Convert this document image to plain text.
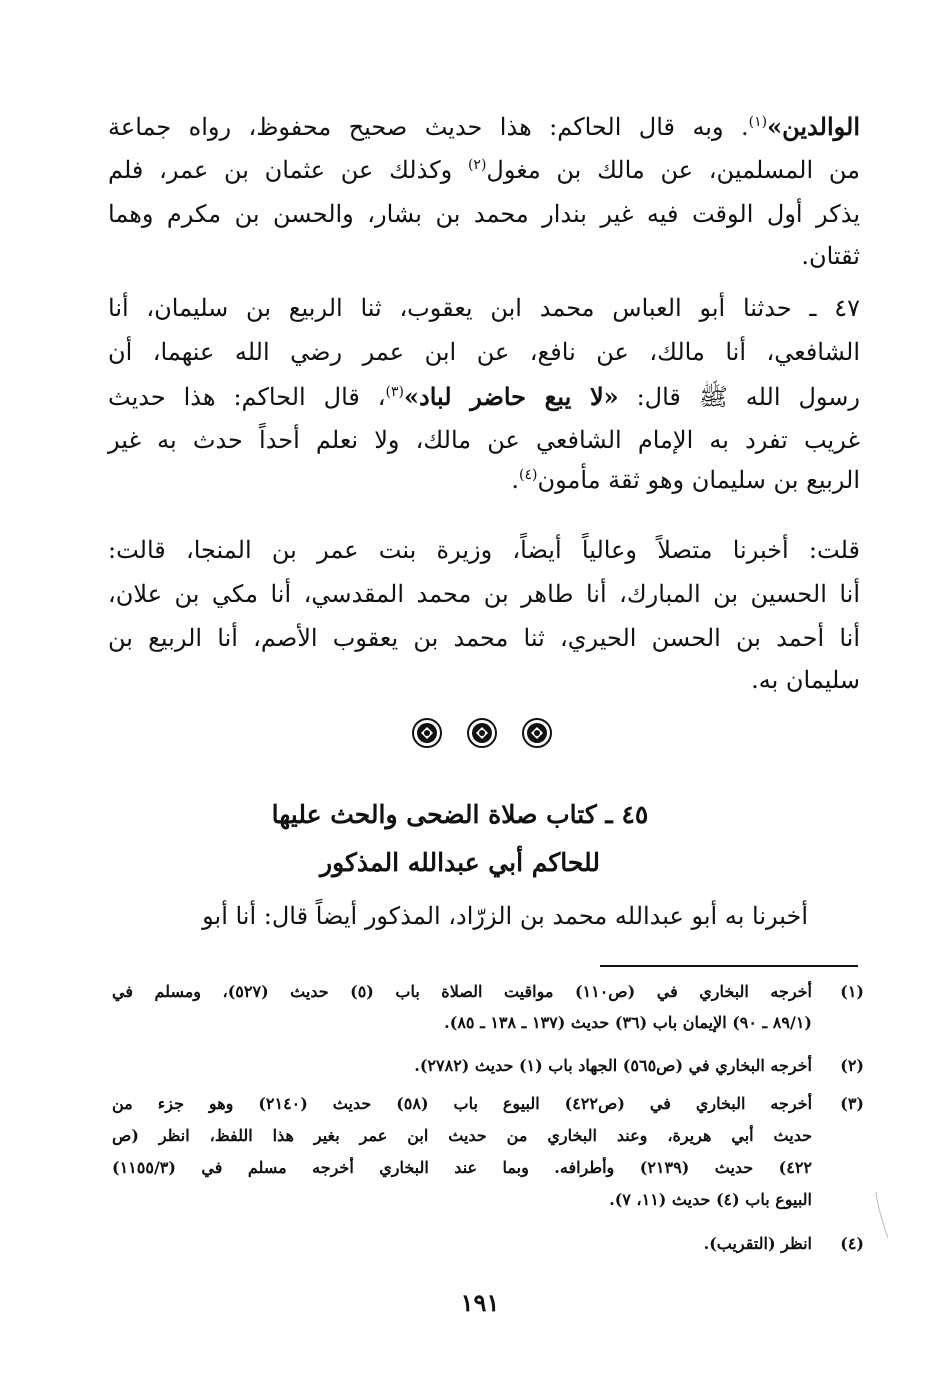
الوالدين»$^{(١)}$. وبه قال الحاكم: هذا حديث صحيح محفوظ، رواه جماعة
من المسلمين، عن مالك بن مغول$^{(٢)}$ وكذلك عن عثمان بن عمر، فلم
يذكر أول الوقت فيه غير بندار محمد بن بشار، والحسن بن مكرم وهما
ثقتان.
٤٧ ـ حدثنا أبو العباس محمد ابن يعقوب، ثنا الربيع بن سليمان، أنا
الشافعي، أنا مالك، عن نافع، عن ابن عمر رضي الله عنهما، أن
رسول الله ﷺ قال: «لا يبع حاضر لباد»$^{(٣)}$، قال الحاكم: هذا حديث
غريب تفرد به الإمام الشافعي عن مالك، ولا نعلم أحداً حدث به غير
الربيع بن سليمان وهو ثقة مأمون$^{(٤)}$.
قلت: أخبرنا متصلاً وعالياً أيضاً، وزيرة بنت عمر بن المنجا، قالت:
أنا الحسين بن المبارك، أنا طاهر بن محمد المقدسي، أنا مكي بن علان،
أنا أحمد بن الحسن الحيري، ثنا محمد بن يعقوب الأصم، أنا الربيع بن
سليمان به.
٤٥ ـ كتاب صلاة الضحى والحث عليها
للحاكم أبي عبدالله المذكور
أخبرنا به أبو عبدالله محمد بن الزرّاد، المذكور أيضاً قال: أنا أبو
(١)
أخرجه البخاري في (ص١١٠) مواقيت الصلاة باب (٥) حديث (٥٢٧)، ومسلم في
(٨٩/١ ـ ٩٠) الإيمان باب (٣٦) حديث (١٣٧ ـ ١٣٨ ـ ٨٥).
(٢)
أخرجه البخاري في (ص٥٦٥) الجهاد باب (١) حديث (٢٧٨٢).
(٣)
أخرجه البخاري في (ص٤٢٢) البيوع باب (٥٨) حديث (٢١٤٠) وهو جزء من
حديث أبي هريرة، وعند البخاري من حديث ابن عمر بغير هذا اللفظ، انظر (ص
٤٢٢) حديث (٢١٣٩) وأطرافه. وبما عند البخاري أخرجه مسلم في (١١٥٥/٣)
البيوع باب (٤) حديث (١١، ٧).
(٤)
انظر (التقريب).
١٩١
